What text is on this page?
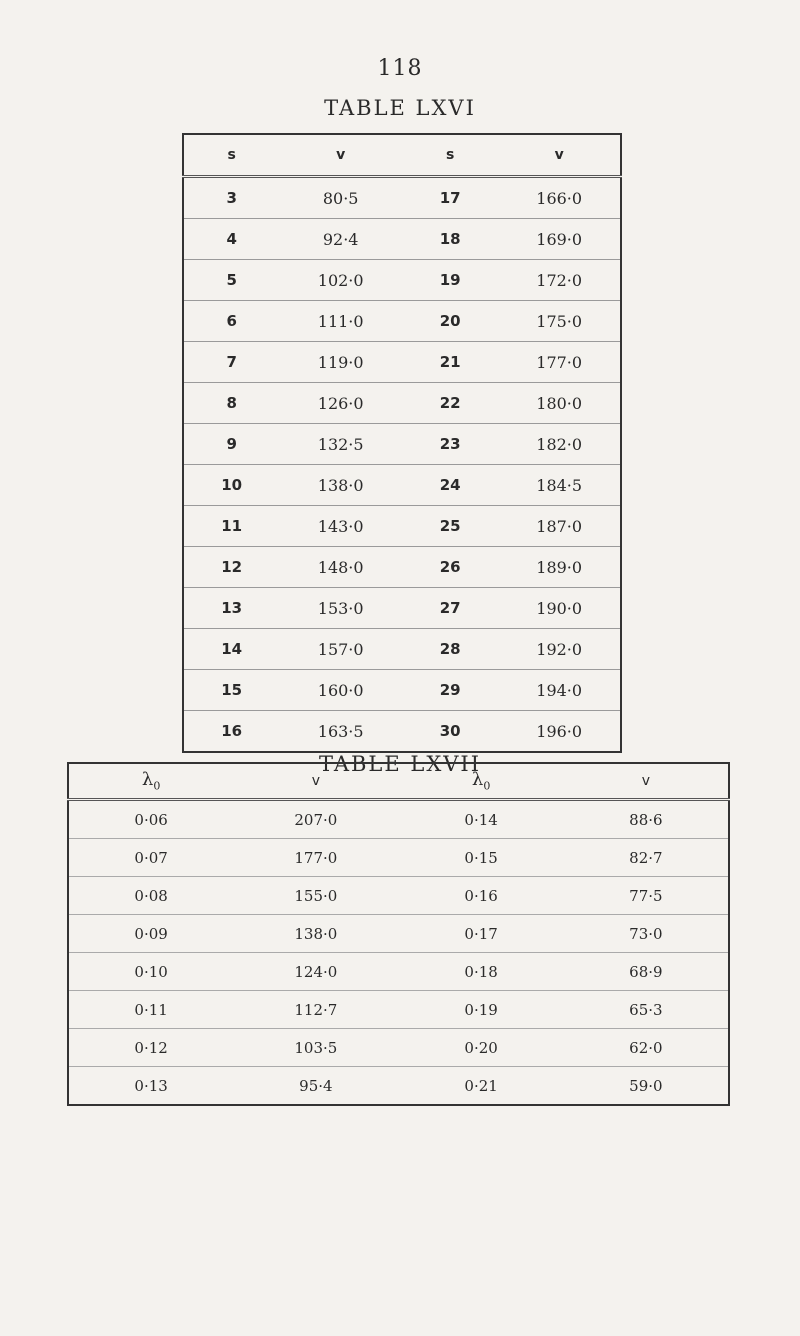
118
TABLE LXVI
s	v	s	v
3	80·5	17	166·0
4	92·4	18	169·0
5	102·0	19	172·0
6	111·0	20	175·0
7	119·0	21	177·0
8	126·0	22	180·0
9	132·5	23	182·0
10	138·0	24	184·5
11	143·0	25	187·0
12	148·0	26	189·0
13	153·0	27	190·0
14	157·0	28	192·0
15	160·0	29	194·0
16	163·5	30	196·0
TABLE LXVII
$\lambda_0$	v	$\lambda_0$	v
0·06	207·0	0·14	88·6
0·07	177·0	0·15	82·7
0·08	155·0	0·16	77·5
0·09	138·0	0·17	73·0
0·10	124·0	0·18	68·9
0·11	112·7	0·19	65·3
0·12	103·5	0·20	62·0
0·13	95·4	0·21	59·0
